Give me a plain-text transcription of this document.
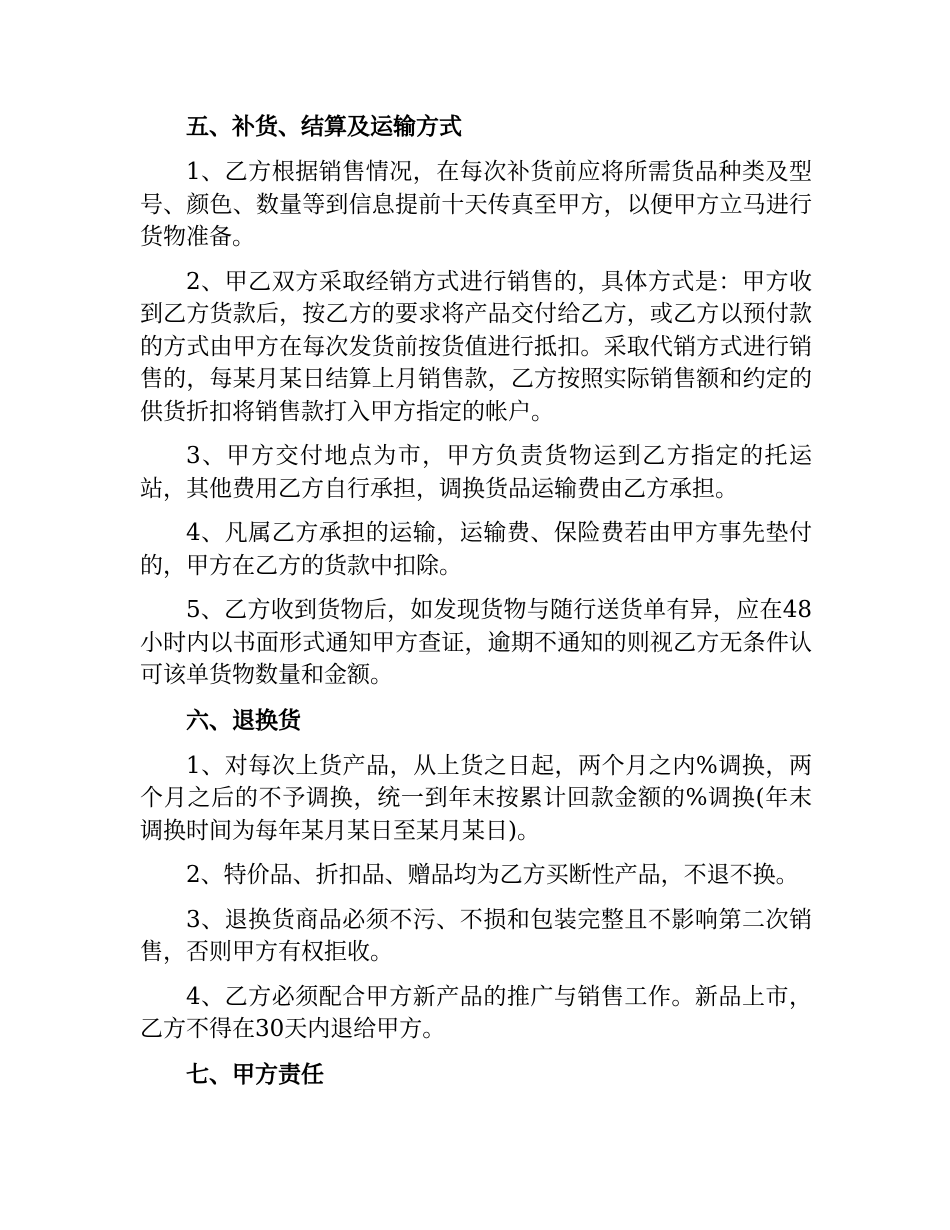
五、补货、结算及运输方式

1、乙方根据销售情况，在每次补货前应将所需货品种类及型号、颜色、数量等到信息提前十天传真至甲方，以便甲方立马进行货物准备。

2、甲乙双方采取经销方式进行销售的，具体方式是：甲方收到乙方货款后，按乙方的要求将产品交付给乙方，或乙方以预付款的方式由甲方在每次发货前按货值进行抵扣。采取代销方式进行销售的，每某月某日结算上月销售款，乙方按照实际销售额和约定的供货折扣将销售款打入甲方指定的帐户。

3、甲方交付地点为市，甲方负责货物运到乙方指定的托运站，其他费用乙方自行承担，调换货品运输费由乙方承担。

4、凡属乙方承担的运输，运输费、保险费若由甲方事先垫付的，甲方在乙方的货款中扣除。

5、乙方收到货物后，如发现货物与随行送货单有异，应在48小时内以书面形式通知甲方查证，逾期不通知的则视乙方无条件认可该单货物数量和金额。

六、退换货

1、对每次上货产品，从上货之日起，两个月之内%调换，两个月之后的不予调换，统一到年末按累计回款金额的%调换(年末调换时间为每年某月某日至某月某日)。

2、特价品、折扣品、赠品均为乙方买断性产品，不退不换。

3、退换货商品必须不污、不损和包装完整且不影响第二次销售，否则甲方有权拒收。

4、乙方必须配合甲方新产品的推广与销售工作。新品上市，乙方不得在30天内退给甲方。

七、甲方责任
